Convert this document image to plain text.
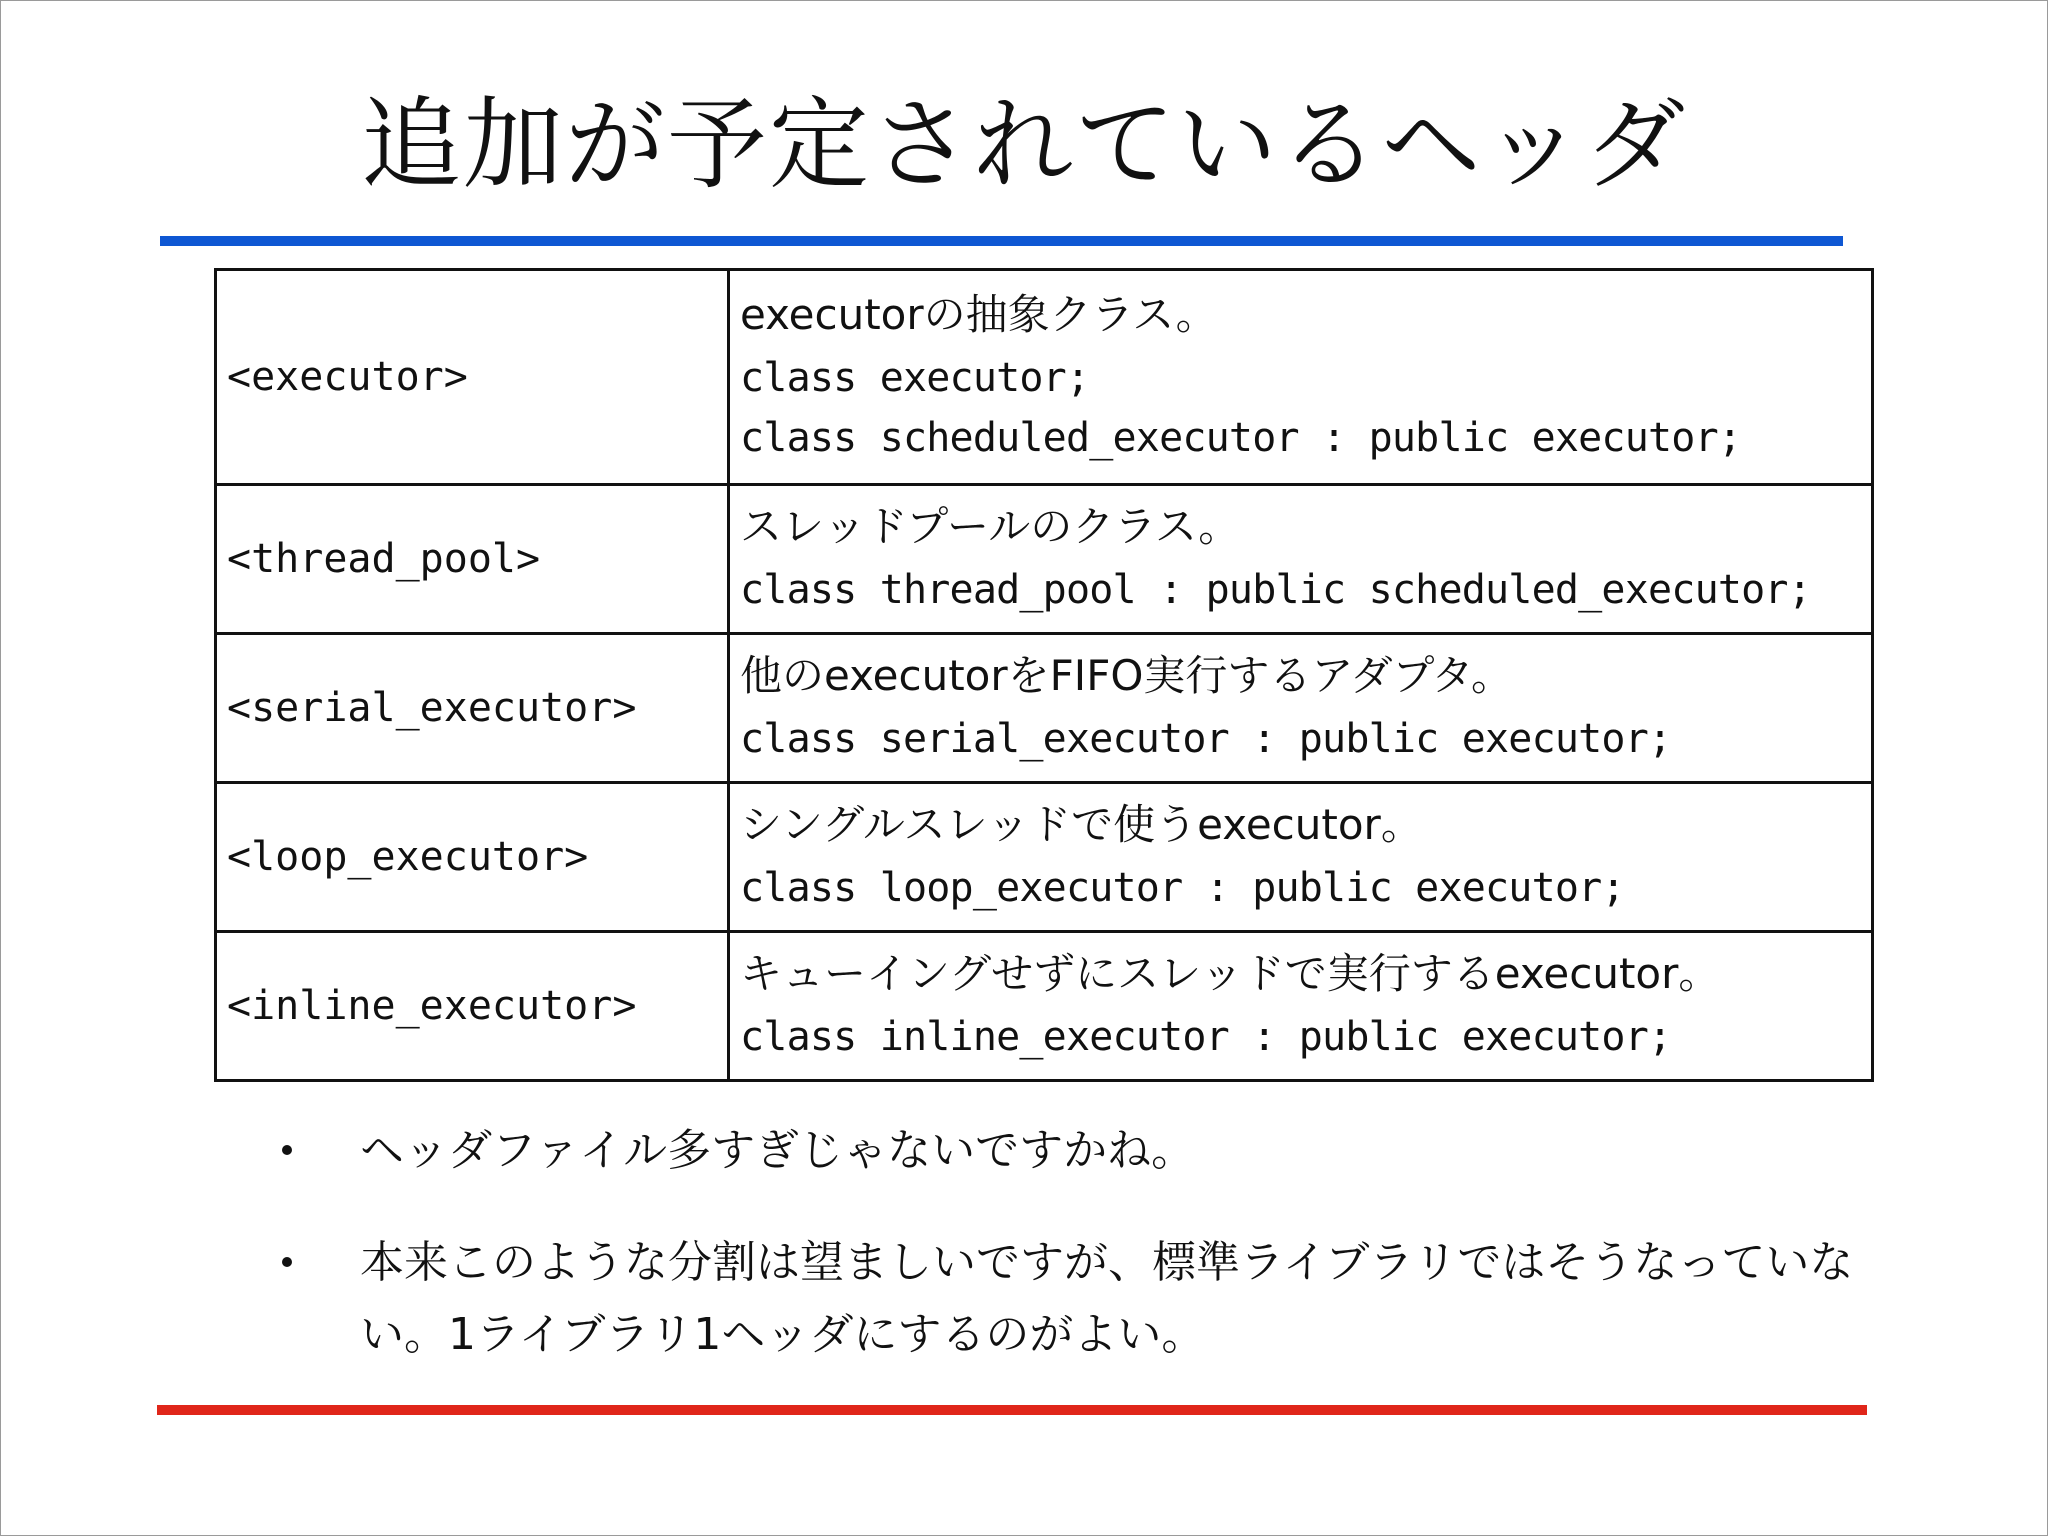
追加が予定されているヘッダ
<executor>	executorの抽象クラス。
class executor;
class scheduled_executor : public executor;

<thread_pool>	スレッドプールのクラス。
class thread_pool : public scheduled_executor;

<serial_executor>	他のexecutorをFIFO実行するアダプタ。
class serial_executor : public executor;

<loop_executor>	シングルスレッドで使うexecutor。
class loop_executor : public executor;

<inline_executor>	キューイングせずにスレッドで実行するexecutor。
class inline_executor : public executor;
ヘッダファイル多すぎじゃないですかね。
本来このような分割は望ましいですが、標準ライブラリではそうなっていない。1ライブラリ1ヘッダにするのがよい。
